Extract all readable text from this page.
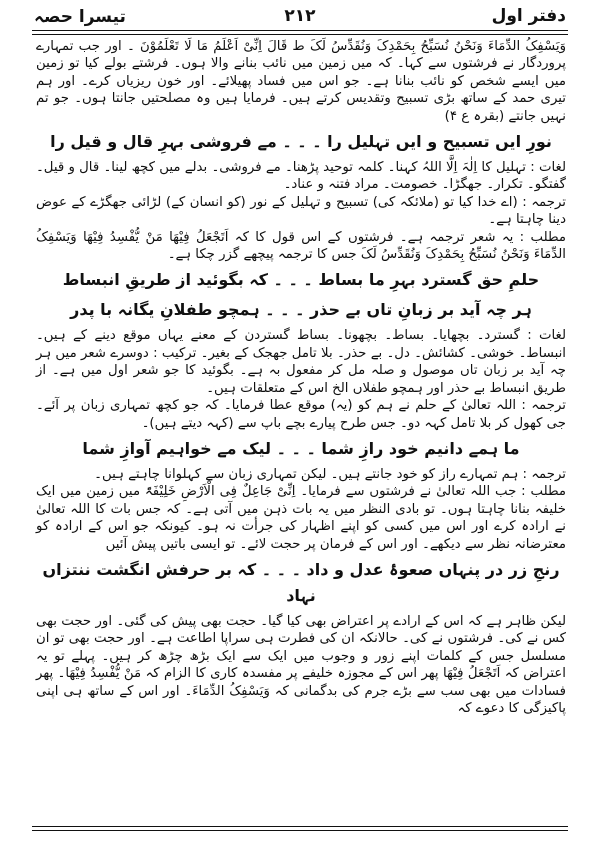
دفتر اول
۲۱۲
تیسرا حصہ

وَیَسْفِکُ الدِّمَاءَ وَنَحْنُ نُسَبِّحُ بِحَمْدِکَ وَنُقَدِّسُ لَکَ ط قَالَ اِنِّیْ اَعْلَمُ مَا لَا تَعْلَمُوْنَ ۔ اور جب تمہارے پروردگار نے فرشتوں سے کہا۔ کہ میں زمین میں نائب بنانے والا ہوں۔ فرشتے بولے کیا تو زمین میں ایسے شخص کو نائب بنانا ہے۔ جو اس میں فساد پھیلائے۔ اور خون ریزیاں کرے۔ اور ہم تیری حمد کے ساتھ بڑی تسبیح وتقدیس کرتے ہیں۔ فرمایا ہیں وہ مصلحتیں جانتا ہوں۔ جو تم نہیں جانتے (بقرہ ع ۴)

نورِ ایں تسبیح و ایں تہلیل را ۔ ۔ ۔ مے فروشی بہرِ قال و قیل را

لغات : تہلیل کا اِلٰہَ اِلَّا اللہُ کہنا۔ کلمہ توحید پڑھنا۔ مے فروشی۔ بدلے میں کچھ لینا۔ قال و قیل۔ گفتگو۔ تکرار۔ جھگڑا۔ خصومت۔ مراد فتنہ و عناد۔

ترجمہ : (اے خدا کیا تو (ملائکہ کی) تسبیح و تہلیل کے نور (کو انسان کے) لڑائی جھگڑے کے عوض دینا چاہتا ہے۔

مطلب : یہ شعر ترجمہ ہے۔ فرشتوں کے اس قول کا کہ اَتَجْعَلُ فِیْھَا مَنْ یُّفْسِدُ فِیْھَا وَیَسْفِکُ الدِّمَاءَ وَنَحْنُ نُسَبِّحُ بِحَمْدِکَ وَنُقَدِّسُ لَکَ جس کا ترجمہ پیچھے گزر چکا ہے۔

حلمِ حق گسترد بہرِ ما بساط ۔ ۔ ۔ کہ بگوئید از طریقِ انبساط

ہر چہ آید بر زبانِ تاں بے حذر ۔ ۔ ۔ ہمچو طفلانِ یگانہ با پدر

لغات : گسترد۔ بچھایا۔ بساط۔ بچھونا۔ بساط گستردن کے معنے یہاں موقع دینے کے ہیں۔ انبساط۔ خوشی۔ کشائش۔ دل۔ بے حذر۔ بلا تامل جھجک کے بغیر۔ ترکیب : دوسرے شعر میں ہر چہ آید بر زبان تاں موصول و صلہ مل کر مفعول بہ ہے۔ بگوئید کا جو شعر اول میں ہے۔ از طریق انبساط بے حذر اور ہمچو طفلاں الخ اس کے متعلقات ہیں۔

ترجمہ : اللہ تعالیٰ کے حلم نے ہم کو (یہ) موقع عطا فرمایا۔ کہ جو کچھ تمہاری زبان پر آئے۔ جی کھول کر بلا تامل کہہ دو۔ جس طرح پیارے بچے باپ سے (کہہ دیتے ہیں)۔

ما ہمے دانیم خود رازِ شما ۔ ۔ ۔ لیک مے خواہیم آوازِ شما

ترجمہ : ہم تمہارے راز کو خود جانتے ہیں۔ لیکن تمہاری زبان سے کہلوانا چاہتے ہیں۔

مطلب : جب اللہ تعالیٰ نے فرشتوں سے فرمایا۔ اِنِّیْ جَاعِلٌ فِی الْاَرْضِ خَلِیْفَۃً میں زمین میں ایک خلیفہ بنانا چاہتا ہوں۔ تو بادی النظر میں یہ بات ذہن میں آتی ہے۔ کہ جس بات کا اللہ تعالیٰ نے ارادہ کرے اور اس میں کسی کو اپنے اظہار کی جرأت نہ ہو۔ کیونکہ جو اس کے ارادہ کو معترضانہ نظر سے دیکھے۔ اور اس کے فرمان پر حجت لائے۔ تو ایسی باتیں پیش آئیں

رنجِ زر در پنہاں صعوۂ عدل و داد ۔ ۔ ۔ کہ بر حرفش انگشت ننتزاں نہاد

لیکن ظاہر ہے کہ اس کے ارادے پر اعتراض بھی کیا گیا۔ حجت بھی پیش کی گئی۔ اور حجت بھی کس نے کی۔ فرشتوں نے کی۔ حالانکہ ان کی فطرت ہی سراپا اطاعت ہے۔ اور حجت بھی تو ان مسلسل جس کے کلمات اپنے زور و وجوب میں ایک سے ایک بڑھ چڑھ کر ہیں۔ پہلے تو یہ اعتراض کہ اَتَجْعَلُ فِیْھَا پھر اس کے مجوزہ خلیفے پر مفسدہ کاری کا الزام کہ مَنْ یُّفْسِدُ فِیْھَا۔ پھر فسادات میں بھی سب سے بڑے جرم کی بدگمانی کہ وَیَسْفِکُ الدِّمَاءَ۔ اور اس کے ساتھ ہی اپنی پاکیزگی کا دعوے کہ
